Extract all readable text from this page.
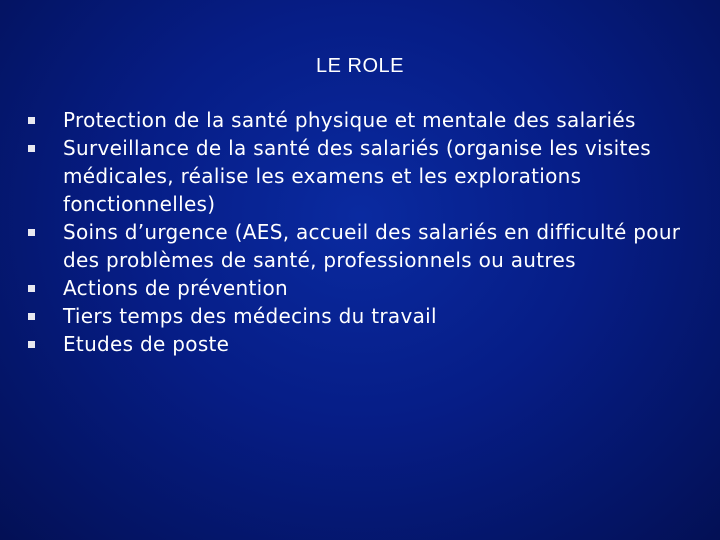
LE ROLE
Protection de la santé physique et mentale des salariés
Surveillance de la santé des salariés (organise les visites médicales, réalise les examens et les explorations fonctionnelles)
Soins d’urgence (AES, accueil des salariés en difficulté pour des problèmes de santé, professionnels ou autres
Actions de prévention
Tiers temps des médecins du travail
Etudes de poste
